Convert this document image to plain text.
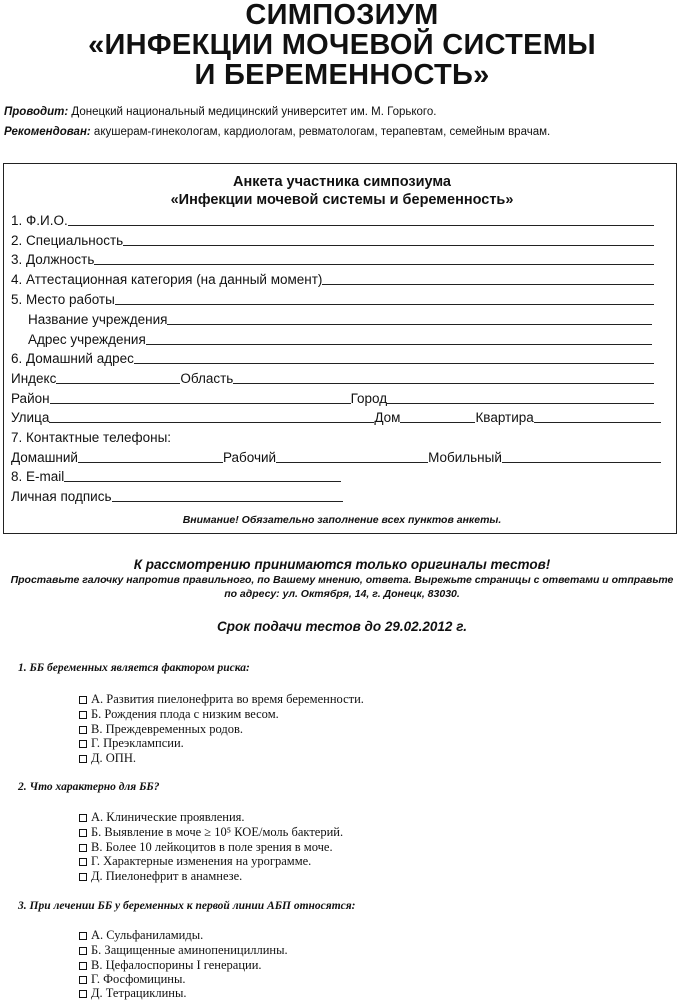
СИМПОЗИУМ
«ИНФЕКЦИИ МОЧЕВОЙ СИСТЕМЫ
И БЕРЕМЕННОСТЬ»
Проводит: Донецкий национальный медицинский университет им. М. Горького.
Рекомендован: акушерам-гинекологам, кардиологам, ревматологам, терапевтам, семейным врачам.
Анкета участника симпозиума
«Инфекции мочевой системы и беременность»
1. Ф.И.О.
2. Специальность
3. Должность
4. Аттестационная категория (на данный момент)
5. Место работы
Название учреждения
Адрес учреждения
6. Домашний адрес
Индекс	Область
Район	Город
Улица	Дом	Квартира
7. Контактные телефоны:
Домашний	Рабочий	Мобильный
8. E-mail
Личная подпись
Внимание! Обязательно заполнение всех пунктов анкеты.
К рассмотрению принимаются только оригиналы тестов!
Проставьте галочку напротив правильного, по Вашему мнению, ответа. Вырежьте страницы с ответами и отправьте
по адресу: ул. Октября, 14, г. Донецк, 83030.
Срок подачи тестов до 29.02.2012 г.
1. ББ беременных является фактором риска:
А. Развития пиелонефрита во время беременности.
Б. Рождения плода с низким весом.
В. Преждевременных родов.
Г. Преэклампсии.
Д. ОПН.
2. Что характерно для ББ?
А. Клинические проявления.
Б. Выявление в моче ≥ 10⁵ КОЕ/моль бактерий.
В. Более 10 лейкоцитов в поле зрения в моче.
Г. Характерные изменения на урограмме.
Д. Пиелонефрит в анамнезе.
3. При лечении ББ у беременных к первой линии АБП относятся:
А. Сульфаниламиды.
Б. Защищенные аминопенициллины.
В. Цефалоспорины I генерации.
Г. Фосфомицины.
Д. Тетрациклины.
